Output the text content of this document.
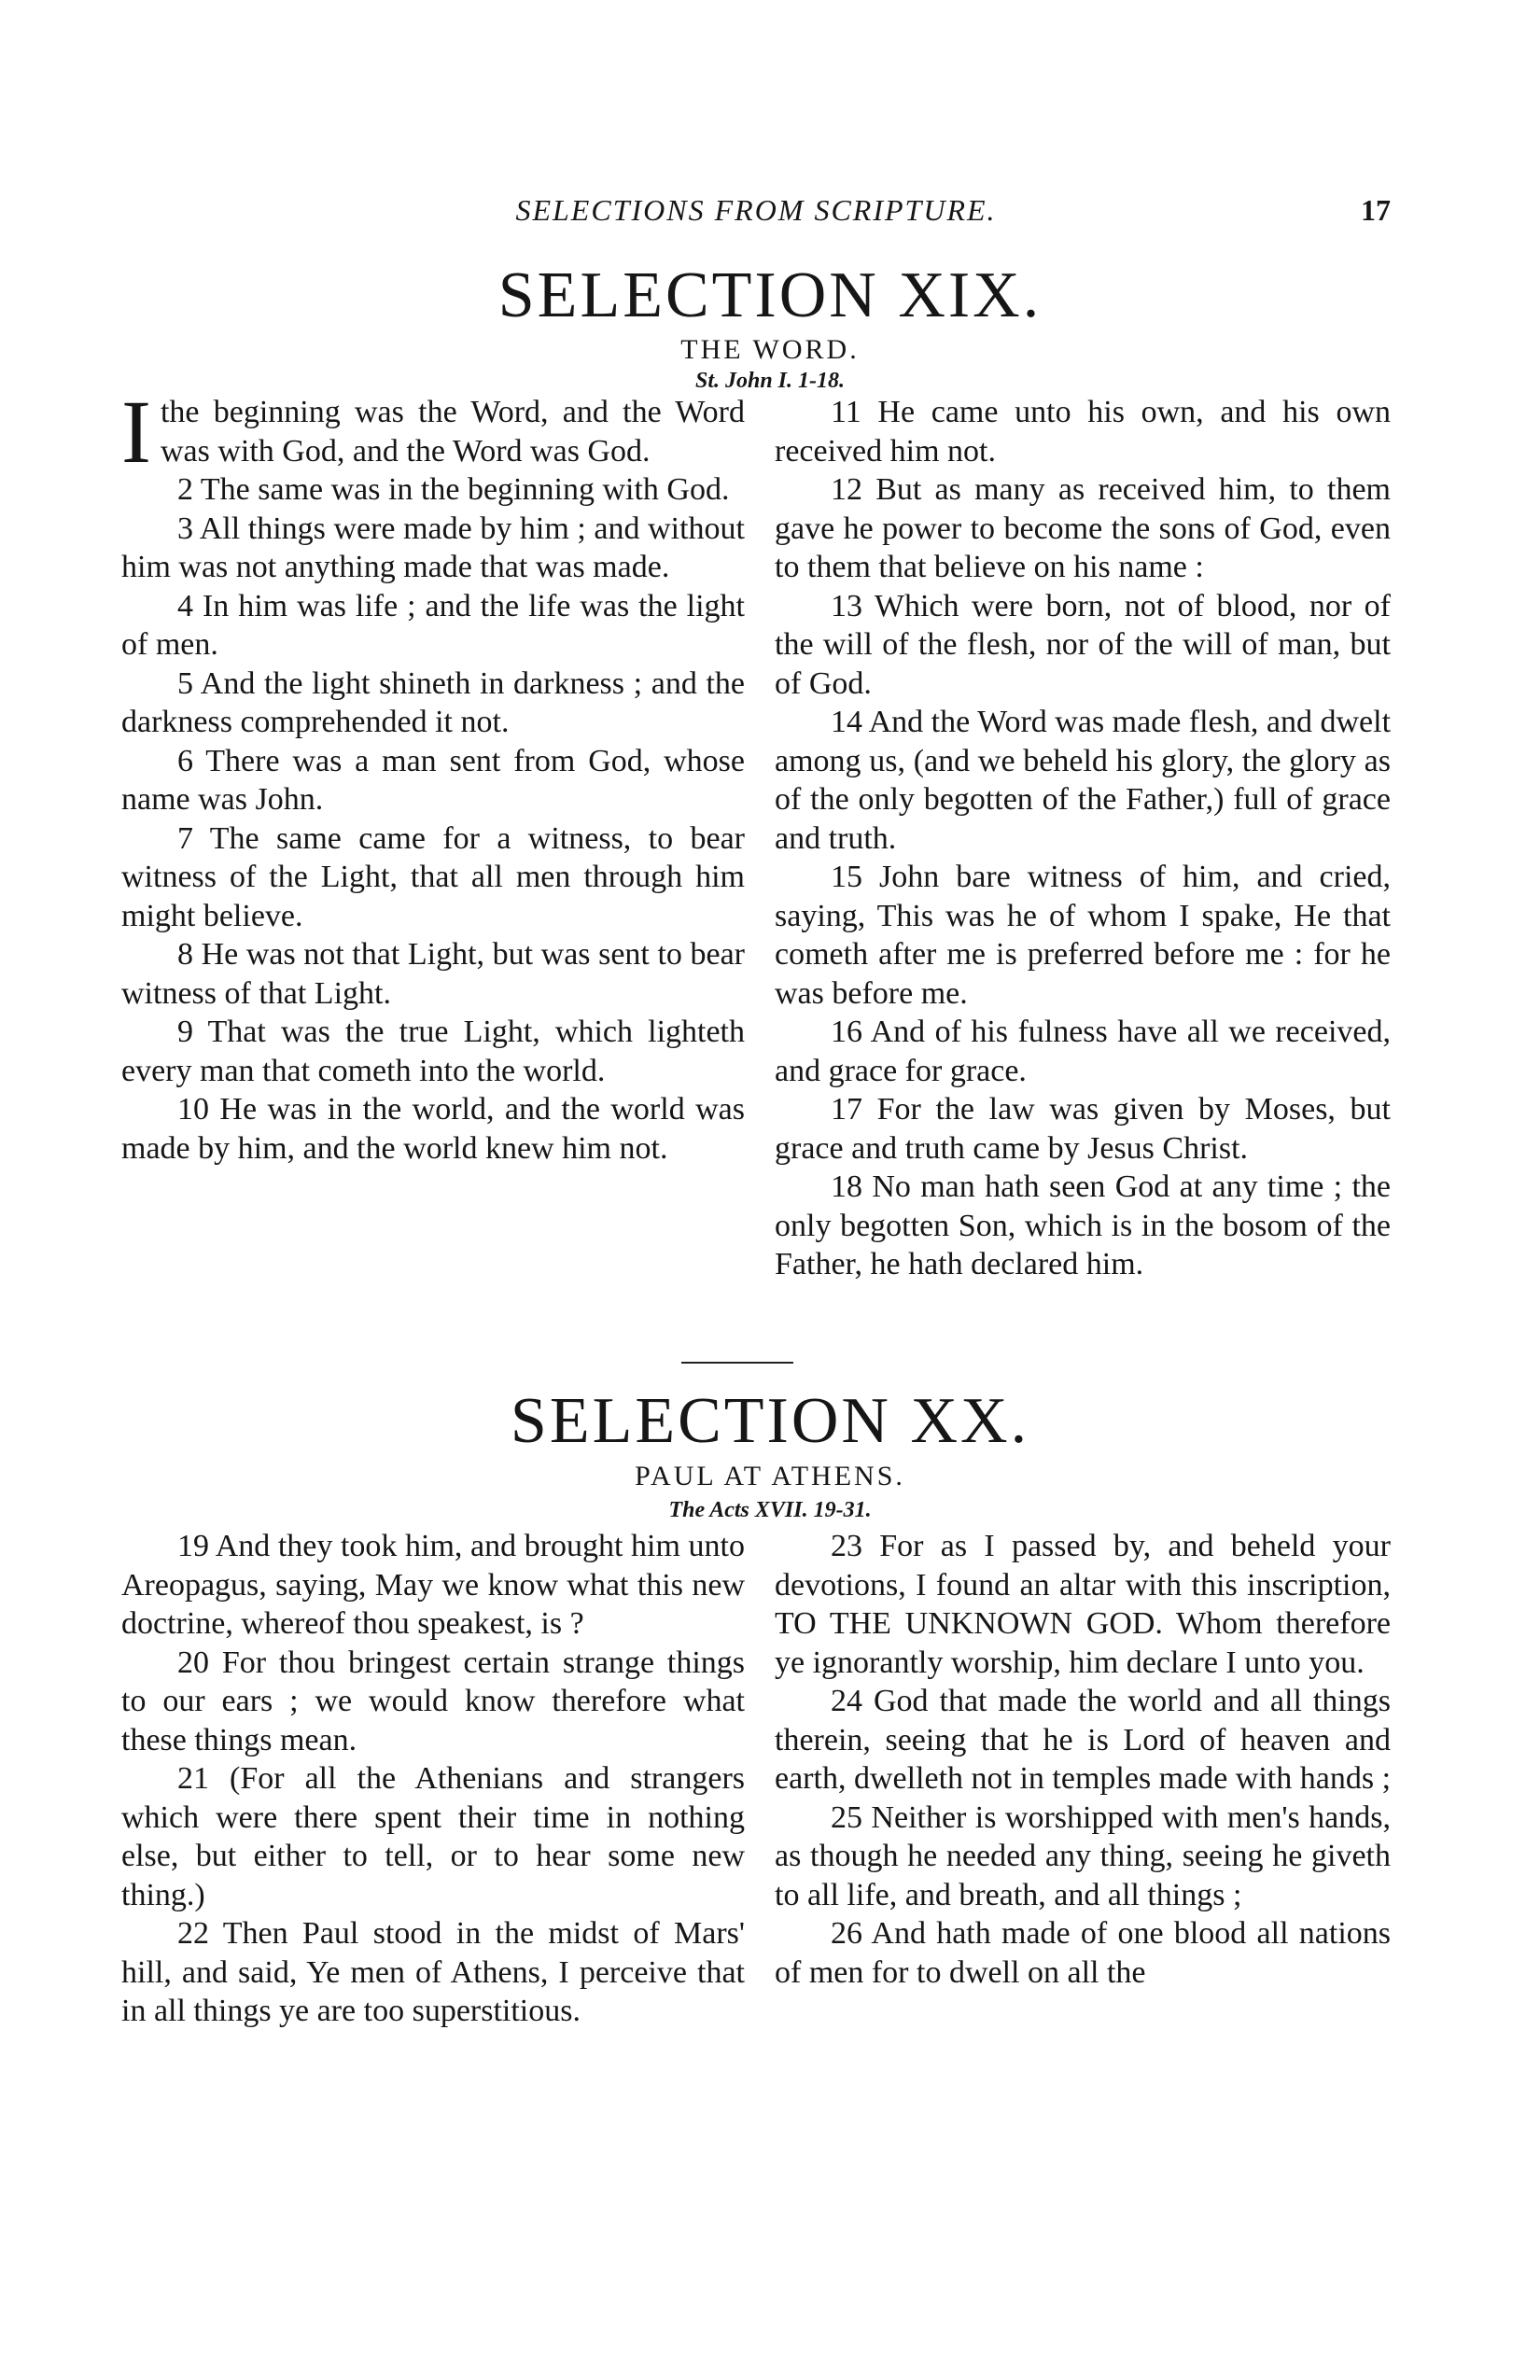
SELECTIONS FROM SCRIPTURE.	17
SELECTION XIX.
THE WORD.
St. John I. 1-18.

Ithe beginning was the Word, and the Word was with God, and the Word was God.

2 The same was in the beginning with God.

3 All things were made by him ; and without him was not anything made that was made.

4 In him was life ; and the life was the light of men.

5 And the light shineth in darkness ; and the darkness comprehended it not.

6 There was a man sent from God, whose name was John.

7 The same came for a witness, to bear witness of the Light, that all men through him might believe.

8 He was not that Light, but was sent to bear witness of that Light.

9 That was the true Light, which lighteth every man that cometh into the world.

10 He was in the world, and the world was made by him, and the world knew him not.

11 He came unto his own, and his own received him not.

12 But as many as received him, to them gave he power to become the sons of God, even to them that believe on his name :

13 Which were born, not of blood, nor of the will of the flesh, nor of the will of man, but of God.

14 And the Word was made flesh, and dwelt among us, (and we beheld his glory, the glory as of the only begotten of the Father,) full of grace and truth.

15 John bare witness of him, and cried, saying, This was he of whom I spake, He that cometh after me is preferred before me : for he was before me.

16 And of his fulness have all we received, and grace for grace.

17 For the law was given by Moses, but grace and truth came by Jesus Christ.

18 No man hath seen God at any time ; the only begotten Son, which is in the bosom of the Father, he hath declared him.

SELECTION XX.
PAUL AT ATHENS.
The Acts XVII. 19-31.

19 And they took him, and brought him unto Areopagus, saying, May we know what this new doctrine, whereof thou speakest, is ?

20 For thou bringest certain strange things to our ears ; we would know therefore what these things mean.

21 (For all the Athenians and strangers which were there spent their time in nothing else, but either to tell, or to hear some new thing.)

22 Then Paul stood in the midst of Mars' hill, and said, Ye men of Athens, I perceive that in all things ye are too superstitious.

23 For as I passed by, and beheld your devotions, I found an altar with this inscription, TO THE UNKNOWN GOD. Whom therefore ye ignorantly worship, him declare I unto you.

24 God that made the world and all things therein, seeing that he is Lord of heaven and earth, dwelleth not in temples made with hands ;

25 Neither is worshipped with men's hands, as though he needed any thing, seeing he giveth to all life, and breath, and all things ;

26 And hath made of one blood all nations of men for to dwell on all the
